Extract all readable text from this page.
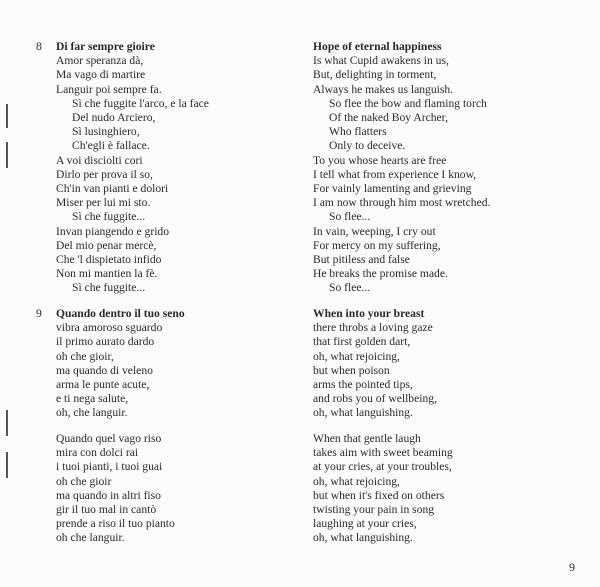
8 Di far sempre gioire
Amor speranza dà,
Ma vago di martire
Languir poi sempre fa.
Sì che fuggite l'arco, e la face
Del nudo Arciero,
Sì lusinghiero,
Ch'egli è fallace.
A voi disciolti cori
Dirlo per prova il so,
Ch'in van pianti e dolori
Miser per lui mi sto.
Sì che fuggite...
Invan piangendo e grido
Del mio penar mercè,
Che 'l dispietato infido
Non mi mantien la fè.
Sì che fuggite...
Hope of eternal happiness
Is what Cupid awakens in us,
But, delighting in torment,
Always he makes us languish.
So flee the bow and flaming torch
Of the naked Boy Archer,
Who flatters
Only to deceive.
To you whose hearts are free
I tell what from experience I know,
For vainly lamenting and grieving
I am now through him most wretched.
So flee...
In vain, weeping, I cry out
For mercy on my suffering,
But pitiless and false
He breaks the promise made.
So flee...
9 Quando dentro il tuo seno
vibra amoroso sguardo
il primo aurato dardo
oh che gioir,
ma quando di veleno
arma le punte acute,
e ti nega salute,
oh, che languir.
Quando quel vago riso
mira con dolci rai
i tuoi pianti, i tuoi guai
oh che gioir
ma quando in altri fiso
gir il tuo mal in cantò
prende a riso il tuo pianto
oh che languir.
When into your breast
there throbs a loving gaze
that first golden dart,
oh, what rejoicing,
but when poison
arms the pointed tips,
and robs you of wellbeing,
oh, what languishing.
When that gentle laugh
takes aim with sweet beaming
at your cries, at your troubles,
oh, what rejoicing,
but when it's fixed on others
twisting your pain in song
laughing at your cries,
oh, what languishing.
9
